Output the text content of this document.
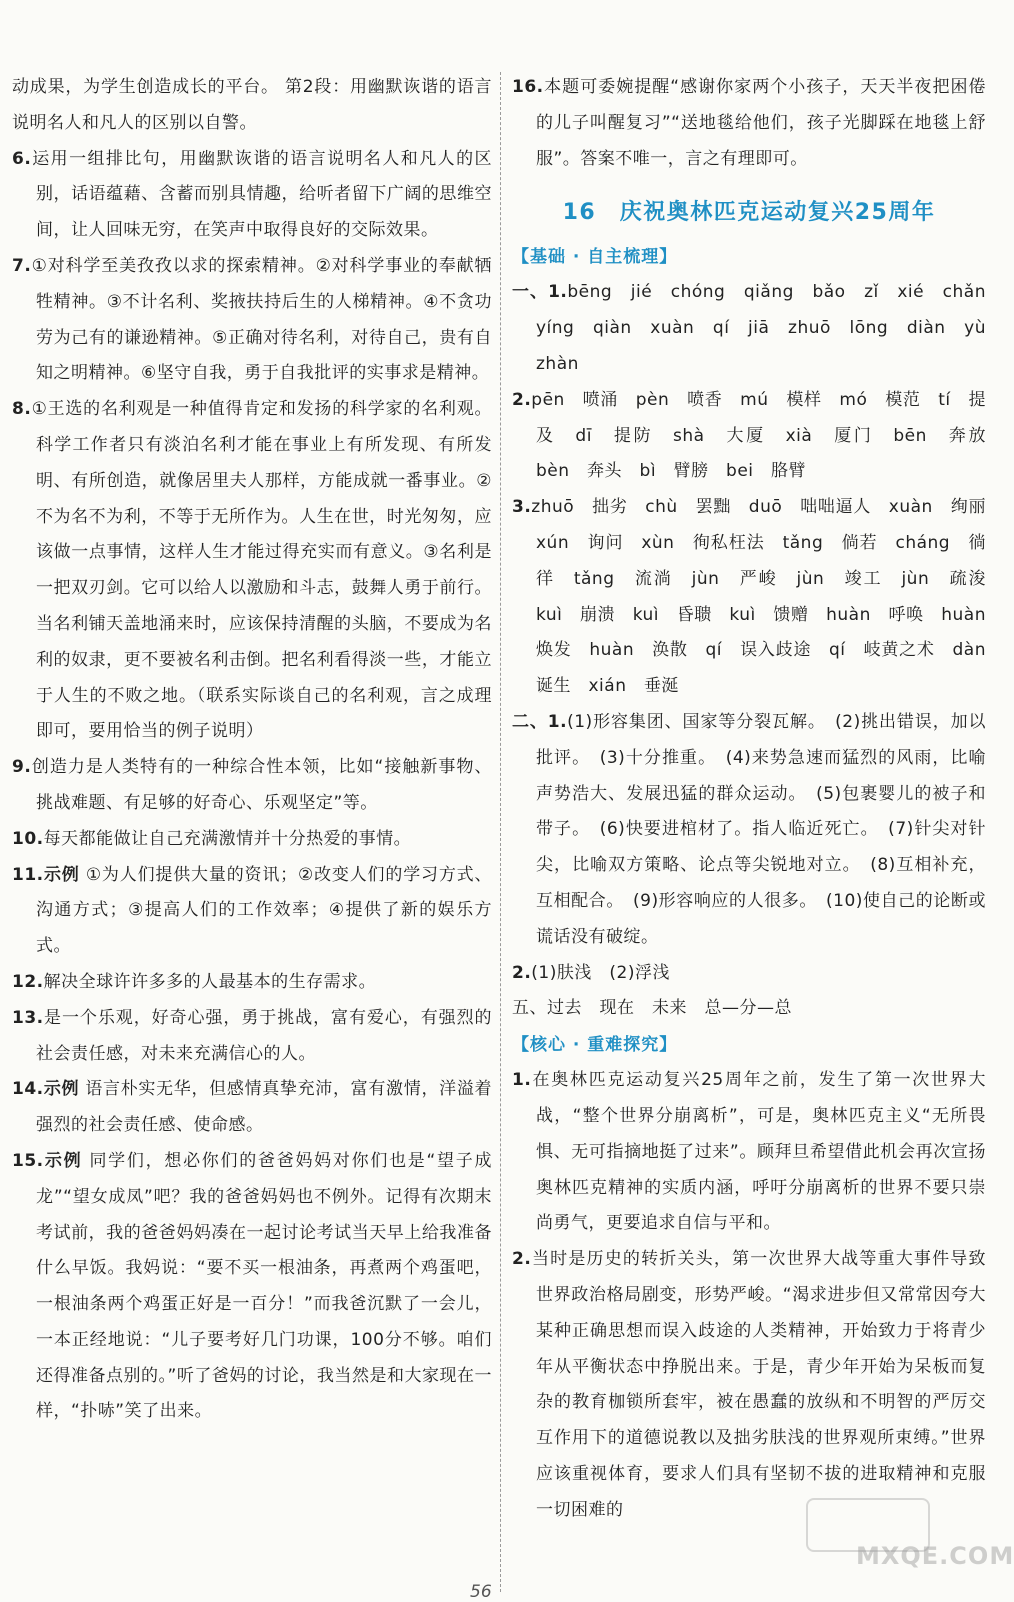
动成果，为学生创造成长的平台。 第2段：用幽默诙谐的语言说明名人和凡人的区别以自警。
6.运用一组排比句，用幽默诙谐的语言说明名人和凡人的区别，话语蕴藉、含蓄而别具情趣，给听者留下广阔的思维空间，让人回味无穷，在笑声中取得良好的交际效果。
7.①对科学至美孜孜以求的探索精神。②对科学事业的奉献牺牲精神。③不计名利、奖掖扶持后生的人梯精神。④不贪功劳为己有的谦逊精神。⑤正确对待名利，对待自己，贵有自知之明精神。⑥坚守自我，勇于自我批评的实事求是精神。
8.①王选的名利观是一种值得肯定和发扬的科学家的名利观。科学工作者只有淡泊名利才能在事业上有所发现、有所发明、有所创造，就像居里夫人那样，方能成就一番事业。②不为名不为利，不等于无所作为。人生在世，时光匆匆，应该做一点事情，这样人生才能过得充实而有意义。③名利是一把双刃剑。它可以给人以激励和斗志，鼓舞人勇于前行。当名利铺天盖地涌来时，应该保持清醒的头脑，不要成为名利的奴隶，更不要被名利击倒。把名利看得淡一些，才能立于人生的不败之地。（联系实际谈自己的名利观，言之成理即可，要用恰当的例子说明）
9.创造力是人类特有的一种综合性本领，比如“接触新事物、挑战难题、有足够的好奇心、乐观坚定”等。
10.每天都能做让自己充满激情并十分热爱的事情。
11.示例 ①为人们提供大量的资讯；②改变人们的学习方式、沟通方式；③提高人们的工作效率；④提供了新的娱乐方式。
12.解决全球许许多多的人最基本的生存需求。
13.是一个乐观，好奇心强，勇于挑战，富有爱心，有强烈的社会责任感，对未来充满信心的人。
14.示例 语言朴实无华，但感情真挚充沛，富有激情，洋溢着强烈的社会责任感、使命感。
15.示例 同学们，想必你们的爸爸妈妈对你们也是“望子成龙”“望女成凤”吧？我的爸爸妈妈也不例外。记得有次期末考试前，我的爸爸妈妈凑在一起讨论考试当天早上给我准备什么早饭。我妈说：“要不买一根油条，再煮两个鸡蛋吧，一根油条两个鸡蛋正好是一百分！”而我爸沉默了一会儿，一本正经地说：“儿子要考好几门功课，100分不够。咱们还得准备点别的。”听了爸妈的讨论，我当然是和大家现在一样，“扑哧”笑了出来。
16.本题可委婉提醒“感谢你家两个小孩子，天天半夜把困倦的儿子叫醒复习”“送地毯给他们，孩子光脚踩在地毯上舒服”。答案不唯一，言之有理即可。
16　庆祝奥林匹克运动复兴25周年
【基础 · 自主梳理】
一、1.bēng　jié　chóng　qiǎng　bǎo　zǐ　xié　chǎn　yíng　qiàn　xuàn　qí　jiā　zhuō　lōng　diàn　yù　zhàn
2.pēn　喷涌　pèn　喷香　mú　模样　mó　模范　tí　提及　dī　提防　shà　大厦　xià　厦门　bēn　奔放　bèn　奔头　bì　臂膀　bei　胳臂
3.zhuō　拙劣　chù　罢黜　duō　咄咄逼人　xuàn　绚丽　xún　询问　xùn　徇私枉法　tǎng　倘若　cháng　徜徉　tǎng　流淌　jùn　严峻　jùn　竣工　jùn　疏浚　kuì　崩溃　kuì　昏聩　kuì　馈赠　huàn　呼唤　huàn　焕发　huàn　涣散　qí　误入歧途　qí　岐黄之术　dàn　诞生　xián　垂涎
二、1.(1)形容集团、国家等分裂瓦解。　(2)挑出错误，加以批评。　(3)十分推重。　(4)来势急速而猛烈的风雨，比喻声势浩大、发展迅猛的群众运动。　(5)包裹婴儿的被子和带子。　(6)快要进棺材了。指人临近死亡。　(7)针尖对针尖，比喻双方策略、论点等尖锐地对立。　(8)互相补充，互相配合。　(9)形容响应的人很多。　(10)使自己的论断或谎话没有破绽。
2.(1)肤浅　(2)浮浅
五、过去　现在　未来　总—分—总
【核心 · 重难探究】
1.在奥林匹克运动复兴25周年之前，发生了第一次世界大战，“整个世界分崩离析”，可是，奥林匹克主义“无所畏惧、无可指摘地挺了过来”。顾拜旦希望借此机会再次宣扬奥林匹克精神的实质内涵，呼吁分崩离析的世界不要只崇尚勇气，更要追求自信与平和。
2.当时是历史的转折关头，第一次世界大战等重大事件导致世界政治格局剧变，形势严峻。“渴求进步但又常常因夸大某种正确思想而误入歧途的人类精神，开始致力于将青少年从平衡状态中挣脱出来。于是，青少年开始为呆板而复杂的教育枷锁所套牢，被在愚蠢的放纵和不明智的严厉交互作用下的道德说教以及拙劣肤浅的世界观所束缚。”世界应该重视体育，要求人们具有坚韧不拔的进取精神和克服一切困难的
MXQE.COM
56
